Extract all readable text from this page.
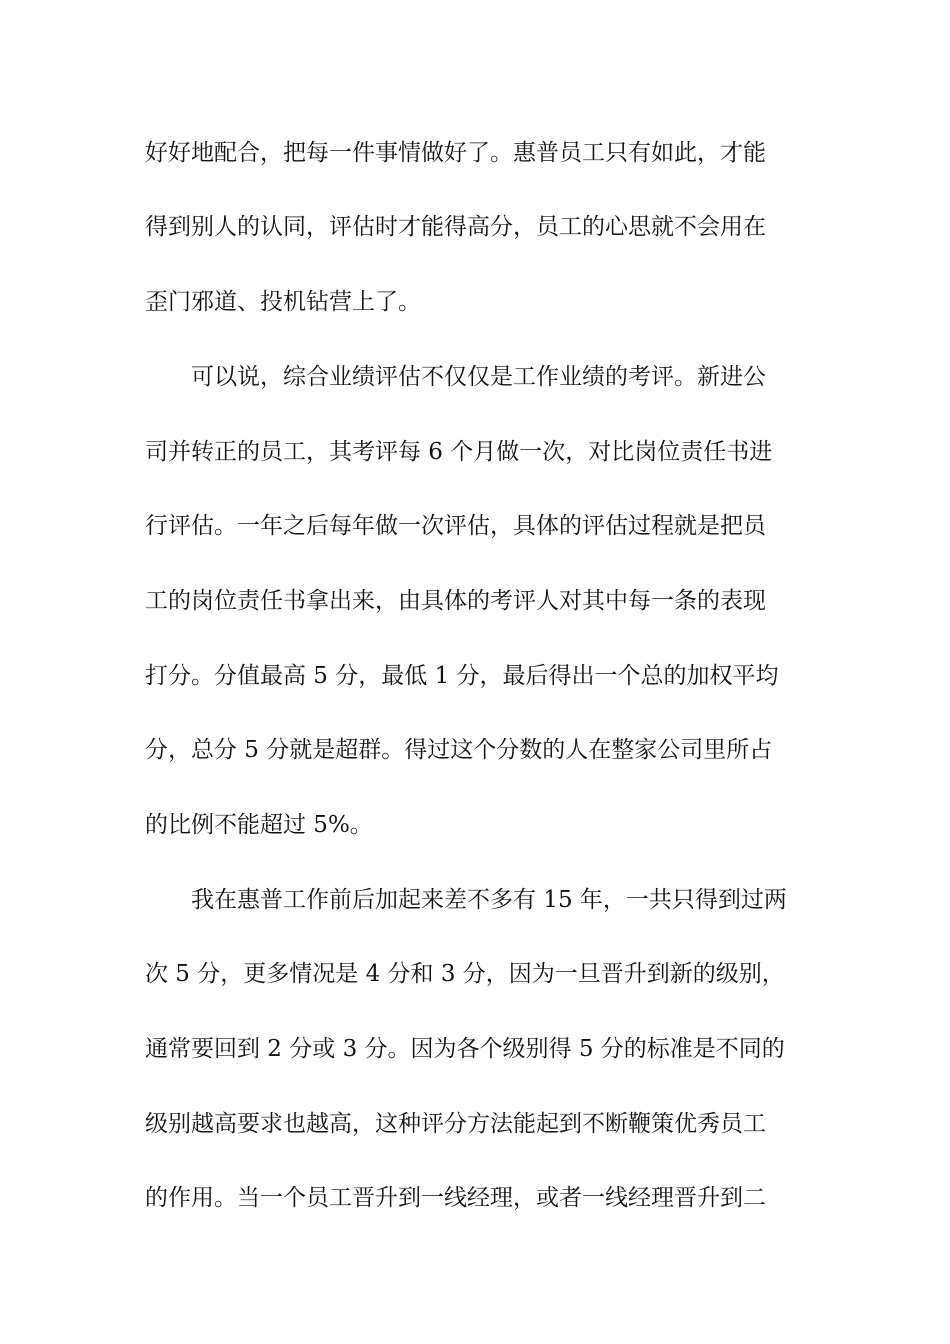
好好地配合，把每一件事情做好了。惠普员工只有如此，才能
得到别人的认同，评估时才能得高分，员工的心思就不会用在
歪门邪道、投机钻营上了。
　　可以说，综合业绩评估不仅仅是工作业绩的考评。新进公
司并转正的员工，其考评每 6 个月做一次，对比岗位责任书进
行评估。一年之后每年做一次评估，具体的评估过程就是把员
工的岗位责任书拿出来，由具体的考评人对其中每一条的表现
打分。分值最高 5 分，最低 1 分，最后得出一个总的加权平均
分，总分 5 分就是超群。得过这个分数的人在整家公司里所占
的比例不能超过 5%。
　　我在惠普工作前后加起来差不多有 15 年，一共只得到过两
次 5 分，更多情况是 4 分和 3 分，因为一旦晋升到新的级别，
通常要回到 2 分或 3 分。因为各个级别得 5 分的标准是不同的
级别越高要求也越高，这种评分方法能起到不断鞭策优秀员工
的作用。当一个员工晋升到一线经理，或者一线经理晋升到二
